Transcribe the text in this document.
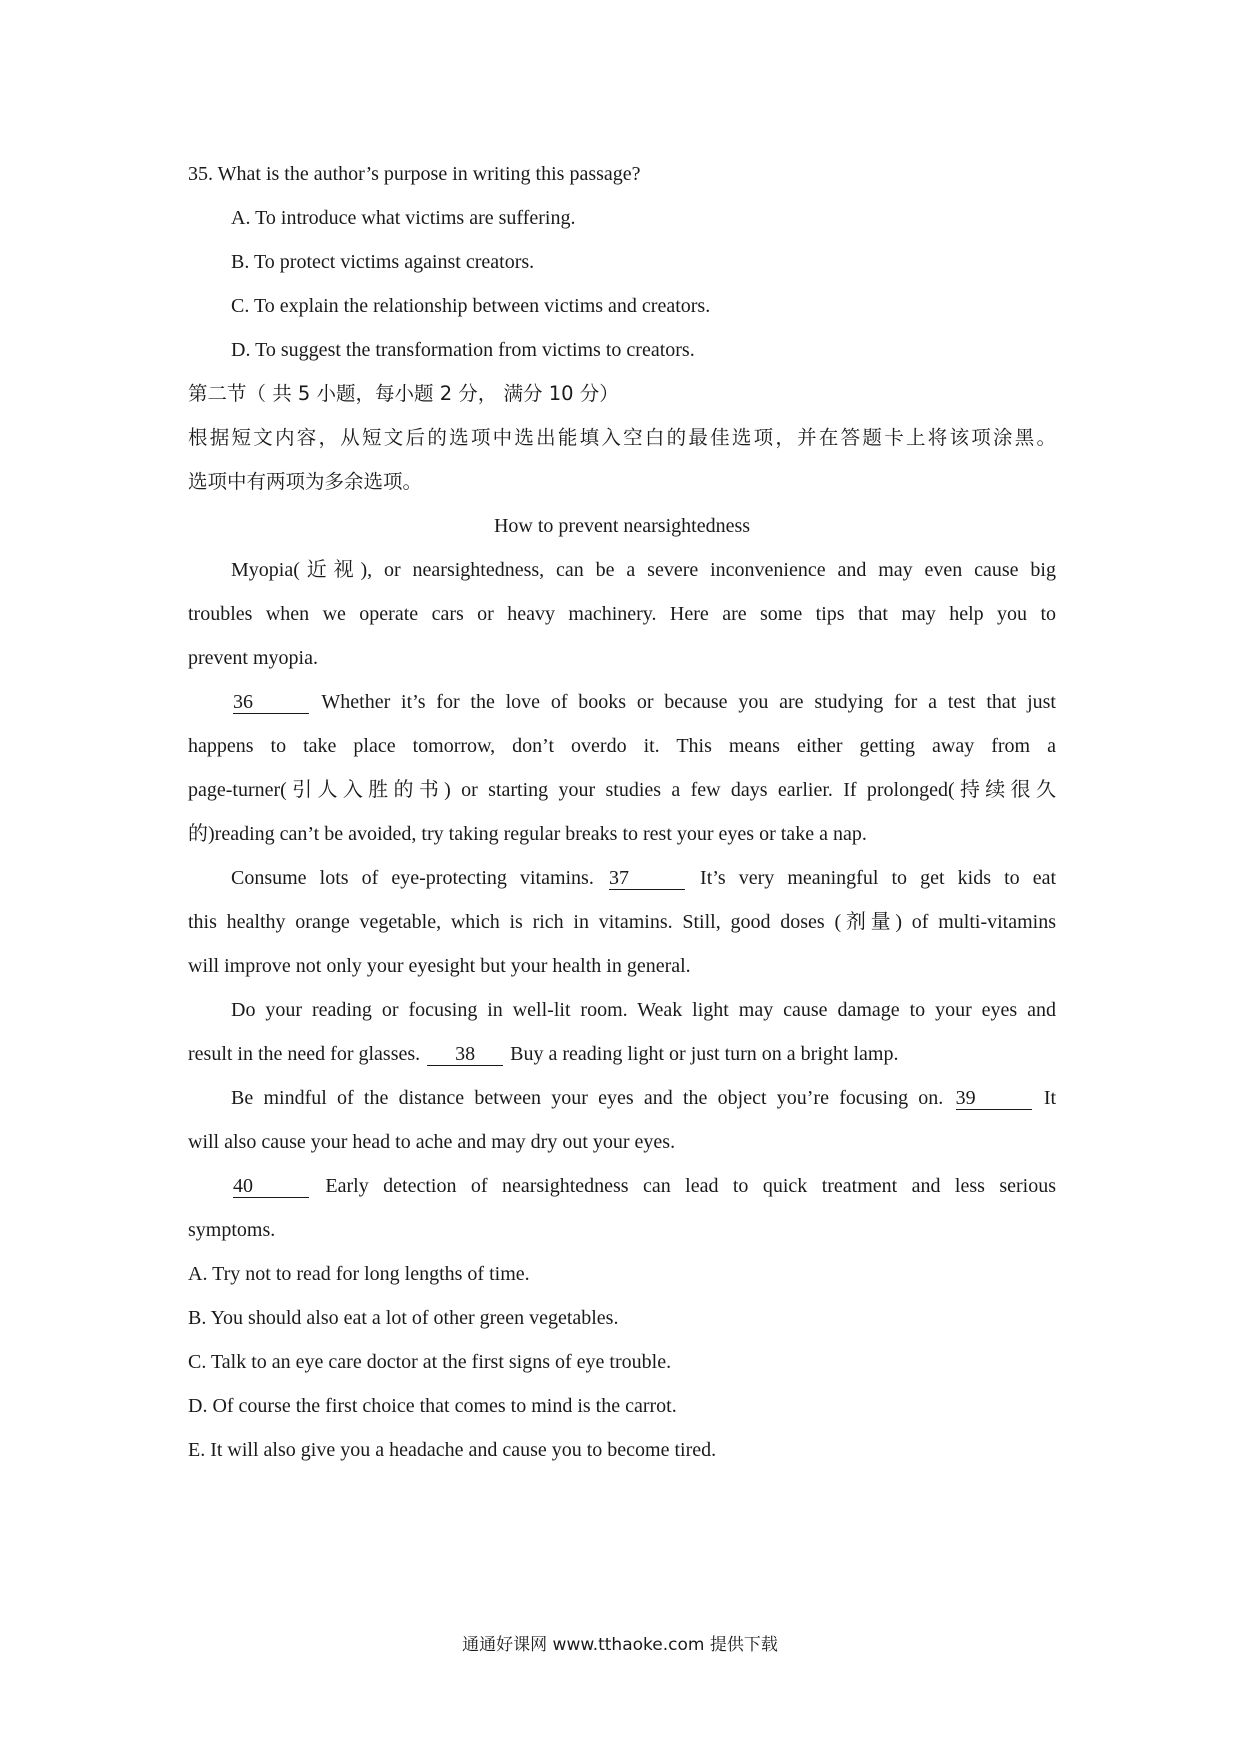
35. What is the author’s purpose in writing this passage?
A. To introduce what victims are suffering.
B. To protect victims against creators.
C. To explain the relationship between victims and creators.
D. To suggest the transformation from victims to creators.
第二节（ 共 5 小题，每小题 2 分， 满分 10 分）
根据短文内容，从短文后的选项中选出能填入空白的最佳选项，并在答题卡上将该项涂黑。
选项中有两项为多余选项。
How to prevent nearsightedness
Myopia(近视), or nearsightedness, can be a severe inconvenience and may even cause big
troubles when we operate cars or heavy machinery. Here are some tips that may help you to
prevent myopia.
36	Whether it’s for the love of books or because you are studying for a test that just
happens to take place tomorrow, don’t overdo it. This means either getting away from a
page-turner(引人入胜的书) or starting your studies a few days earlier. If prolonged(持续很久
的)reading can’t be avoided, try taking regular breaks to rest your eyes or take a nap.
Consume lots of eye-protecting vitamins. 37	It’s very meaningful to get kids to eat
this healthy orange vegetable, which is rich in vitamins. Still, good doses (剂量) of multi-vitamins
will improve not only your eyesight but your health in general.
Do your reading or focusing in well-lit room. Weak light may cause damage to your eyes and
result in the need for glasses. 38 Buy a reading light or just turn on a bright lamp.
Be mindful of the distance between your eyes and the object you’re focusing on. 39	It
will also cause your head to ache and may dry out your eyes.
40	Early detection of nearsightedness can lead to quick treatment and less serious
symptoms.
A. Try not to read for long lengths of time.
B. You should also eat a lot of other green vegetables.
C. Talk to an eye care doctor at the first signs of eye trouble.
D. Of course the first choice that comes to mind is the carrot.
E. It will also give you a headache and cause you to become tired.
通通好课网 www.tthaoke.com 提供下载
